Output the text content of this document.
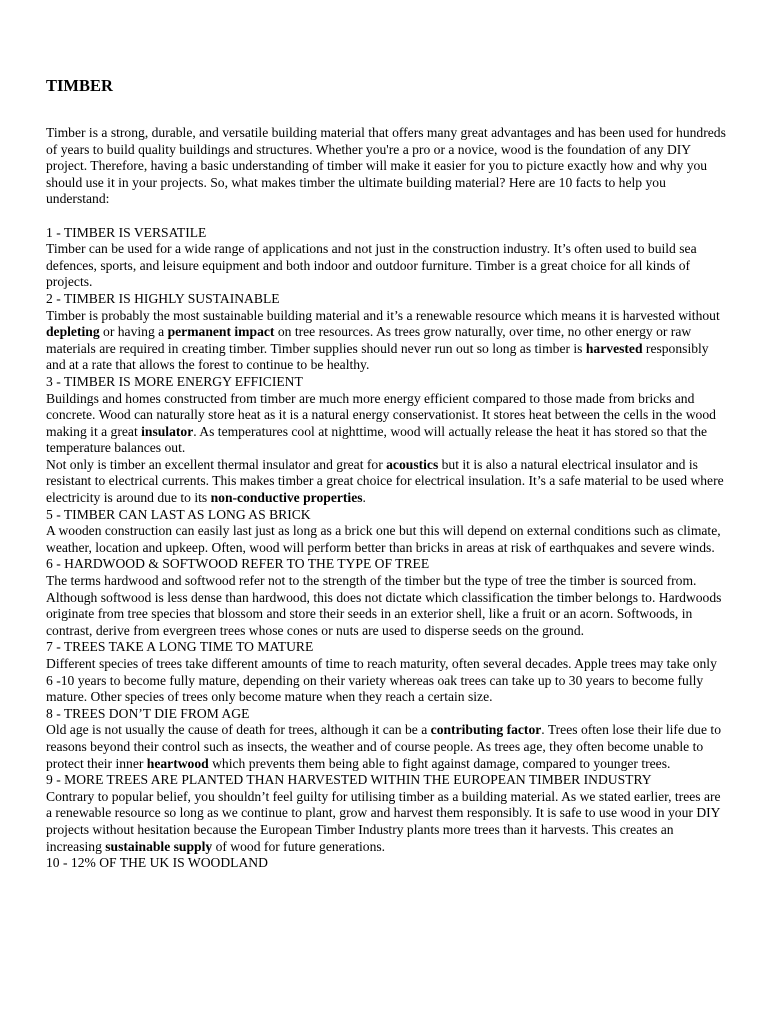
TIMBER

Timber is a strong, durable, and versatile building material that offers many great advantages and has been used for hundreds of years to build quality buildings and structures. Whether you're a pro or a novice, wood is the foundation of any DIY project. Therefore, having a basic understanding of timber will make it easier for you to picture exactly how and why you should use it in your projects. So, what makes timber the ultimate building material? Here are 10 facts to help you understand:

1 - TIMBER IS VERSATILE

Timber can be used for a wide range of applications and not just in the construction industry. It’s often used to build sea defences, sports, and leisure equipment and both indoor and outdoor furniture. Timber is a great choice for all kinds of projects.

2 - TIMBER IS HIGHLY SUSTAINABLE

Timber is probably the most sustainable building material and it’s a renewable resource which means it is harvested without depleting or having a permanent impact on tree resources. As trees grow naturally, over time, no other energy or raw materials are required in creating timber. Timber supplies should never run out so long as timber is harvested responsibly and at a rate that allows the forest to continue to be healthy.

3 - TIMBER IS MORE ENERGY EFFICIENT

Buildings and homes constructed from timber are much more energy efficient compared to those made from bricks and concrete. Wood can naturally store heat as it is a natural energy conservationist. It stores heat between the cells in the wood making it a great insulator. As temperatures cool at nighttime, wood will actually release the heat it has stored so that the temperature balances out.

Not only is timber an excellent thermal insulator and great for acoustics but it is also a natural electrical insulator and is resistant to electrical currents. This makes timber a great choice for electrical insulation. It’s a safe material to be used where electricity is around due to its non-conductive properties.

5 - TIMBER CAN LAST AS LONG AS BRICK

A wooden construction can easily last just as long as a brick one but this will depend on external conditions such as climate, weather, location and upkeep. Often, wood will perform better than bricks in areas at risk of earthquakes and severe winds.

6 - HARDWOOD & SOFTWOOD REFER TO THE TYPE OF TREE

The terms hardwood and softwood refer not to the strength of the timber but the type of tree the timber is sourced from. Although softwood is less dense than hardwood, this does not dictate which classification the timber belongs to. Hardwoods originate from tree species that blossom and store their seeds in an exterior shell, like a fruit or an acorn. Softwoods, in contrast, derive from evergreen trees whose cones or nuts are used to disperse seeds on the ground.

7 - TREES TAKE A LONG TIME TO MATURE

Different species of trees take different amounts of time to reach maturity, often several decades. Apple trees may take only 6 -10 years to become fully mature, depending on their variety whereas oak trees can take up to 30 years to become fully mature. Other species of trees only become mature when they reach a certain size.

8 - TREES DON’T DIE FROM AGE

Old age is not usually the cause of death for trees, although it can be a contributing factor. Trees often lose their life due to reasons beyond their control such as insects, the weather and of course people. As trees age, they often become unable to protect their inner heartwood which prevents them being able to fight against damage, compared to younger trees.

9 - MORE TREES ARE PLANTED THAN HARVESTED WITHIN THE EUROPEAN TIMBER INDUSTRY

Contrary to popular belief, you shouldn’t feel guilty for utilising timber as a building material. As we stated earlier, trees are a renewable resource so long as we continue to plant, grow and harvest them responsibly. It is safe to use wood in your DIY projects without hesitation because the European Timber Industry plants more trees than it harvests. This creates an increasing sustainable supply of wood for future generations.

10 - 12% OF THE UK IS WOODLAND
